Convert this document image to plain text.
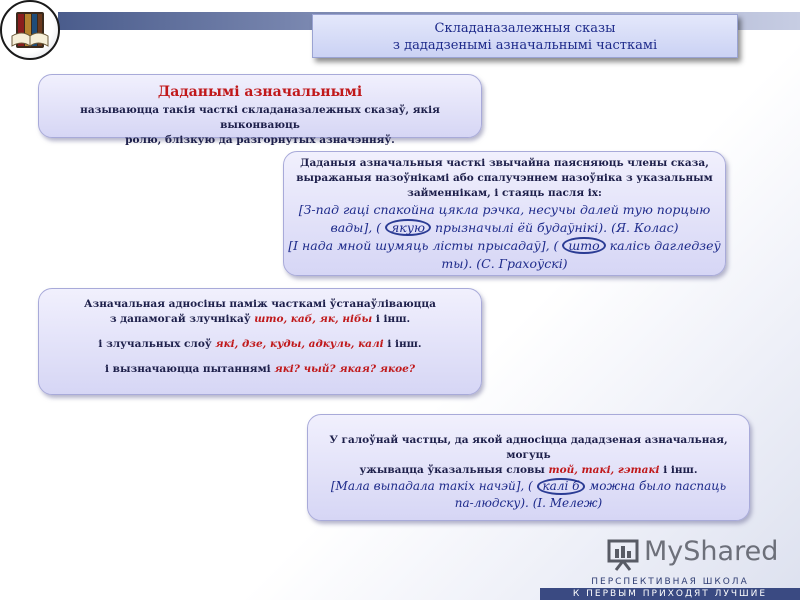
Складаназалежныя сказы
з дададзенымі азначальнымі часткамі
Даданымі азначальнымі

называюцца такія часткі складаназалежных сказаў, якія выконваюць

ролю, блізкую да разгорнутых азначэнняў.

Даданыя азначальныя часткі звычайна паясняюць члены сказа,

выражаныя назоўнікамі або спалучэннем назоўніка з указальным

займеннікам, і стаяць пасля іх:

[З-пад гаці спакойна цякла рэчка, несучы далей тую порцыю

вады], ( якую прызначылі ёй будаўнікі). (Я. Колас)

[І нада мной шумяць лісты прысадаў], ( што калісь дагледзеў

ты). (С. Грахоўскі)

Азначальная адносіны паміж часткамі ўстанаўліваюцца

з дапамогай злучнікаў што, каб, як, нібы і інш.

і злучальных слоў які, дзе, куды, адкуль, калі і інш.

і вызначаюцца пытаннямі які? чый? якая? якое?

У галоўнай частцы, да якой адносіцца дададзеная азначальная, могуць

ужывацца ўказальныя словы той, такі, гэтакі і інш.

[Мала выпадала такіх начэй], ( калі б можна было паспаць

па-людску). (І. Мележ)

MyShared
ПЕРСПЕКТИВНАЯ ШКОЛА
К ПЕРВЫМ ПРИХОДЯТ ЛУЧШИЕ
